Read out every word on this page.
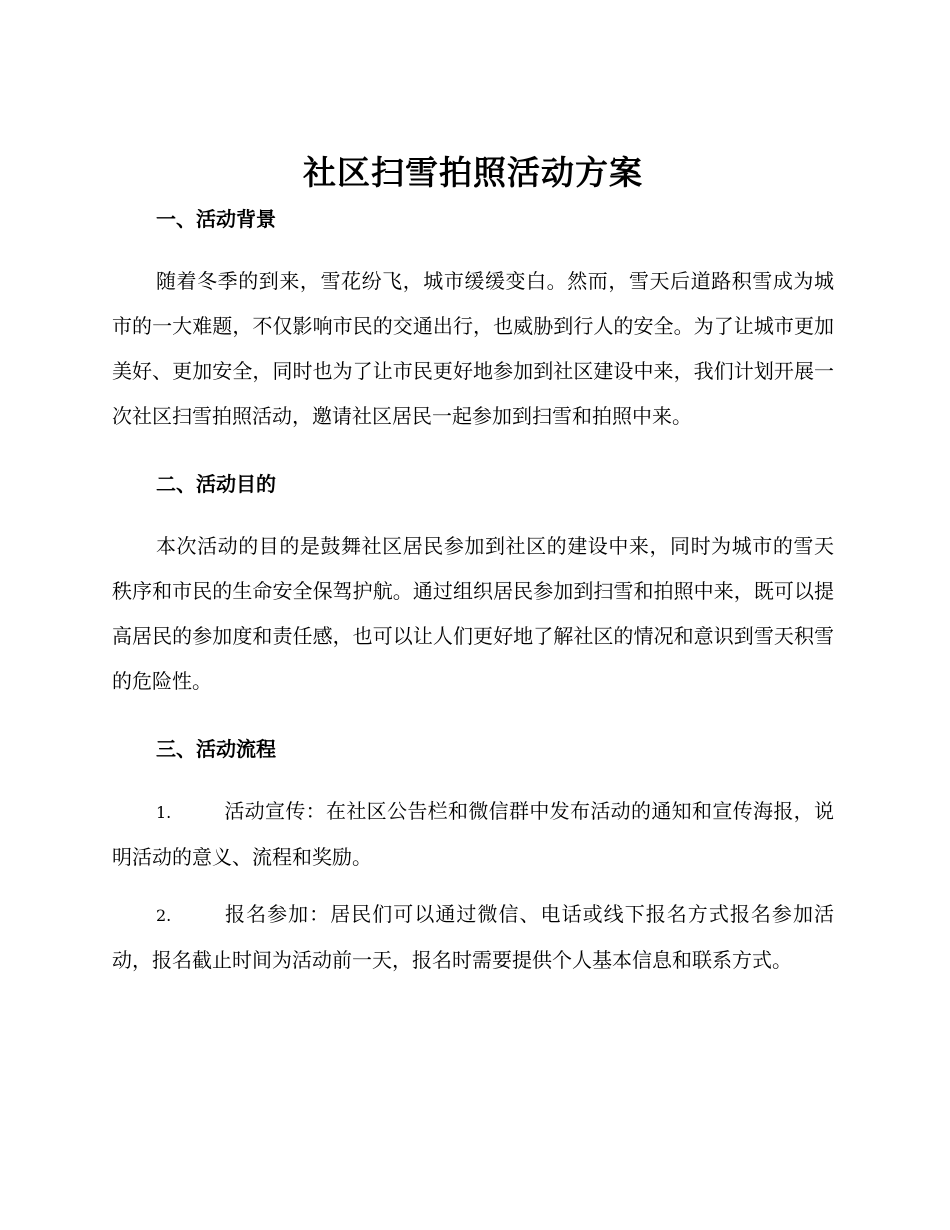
社区扫雪拍照活动方案
一、活动背景

随着冬季的到来，雪花纷飞，城市缓缓变白。然而，雪天后道路积雪成为城市的一大难题，不仅影响市民的交通出行，也威胁到行人的安全。为了让城市更加美好、更加安全，同时也为了让市民更好地参加到社区建设中来，我们计划开展一次社区扫雪拍照活动，邀请社区居民一起参加到扫雪和拍照中来。

二、活动目的

本次活动的目的是鼓舞社区居民参加到社区的建设中来，同时为城市的雪天秩序和市民的生命安全保驾护航。通过组织居民参加到扫雪和拍照中来，既可以提高居民的参加度和责任感，也可以让人们更好地了解社区的情况和意识到雪天积雪的危险性。

三、活动流程

1.	活动宣传：在社区公告栏和微信群中发布活动的通知和宣传海报，说明活动的意义、流程和奖励。

2.	报名参加：居民们可以通过微信、电话或线下报名方式报名参加活动，报名截止时间为活动前一天，报名时需要提供个人基本信息和联系方式。
